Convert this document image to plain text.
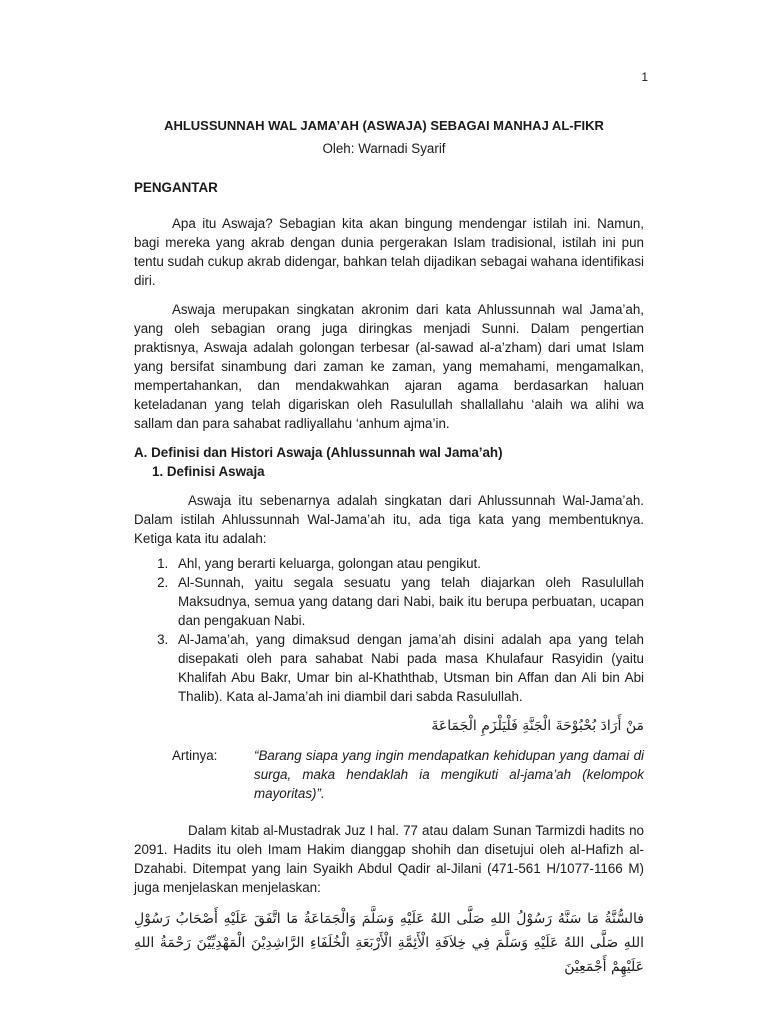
1
AHLUSSUNNAH WAL JAMA’AH (ASWAJA) SEBAGAI MANHAJ AL-FIKR
Oleh: Warnadi Syarif

PENGANTAR

Apa itu Aswaja? Sebagian kita akan bingung mendengar istilah ini. Namun, bagi mereka yang akrab dengan dunia pergerakan Islam tradisional, istilah ini pun tentu sudah cukup akrab didengar, bahkan telah dijadikan sebagai wahana identifikasi diri.

Aswaja merupakan singkatan akronim dari kata Ahlussunnah wal Jama’ah, yang oleh sebagian orang juga diringkas menjadi Sunni. Dalam pengertian praktisnya, Aswaja adalah golongan terbesar (al-sawad al-a’zham) dari umat Islam yang bersifat sinambung dari zaman ke zaman, yang memahami, mengamalkan, mempertahankan, dan mendakwahkan ajaran agama berdasarkan haluan keteladanan yang telah digariskan oleh Rasulullah shallallahu ‘alaih wa alihi wa sallam dan para sahabat radliyallahu ‘anhum ajma’in.

A. Definisi dan Histori Aswaja (Ahlussunnah wal Jama’ah)

1. Definisi Aswaja

Aswaja itu sebenarnya adalah singkatan dari Ahlussunnah Wal-Jama’ah. Dalam istilah Ahlussunnah Wal-Jama’ah itu, ada tiga kata yang membentuknya. Ketiga kata itu adalah:

1. Ahl, yang berarti keluarga, golongan atau pengikut.
2. Al-Sunnah, yaitu segala sesuatu yang telah diajarkan oleh Rasulullah Maksudnya, semua yang datang dari Nabi, baik itu berupa perbuatan, ucapan dan pengakuan Nabi.
3. Al-Jama’ah, yang dimaksud dengan jama’ah disini adalah apa yang telah disepakati oleh para sahabat Nabi pada masa Khulafaur Rasyidin (yaitu Khalifah Abu Bakr, Umar bin al-Khaththab, Utsman bin Affan dan Ali bin Abi Thalib). Kata al-Jama’ah ini diambil dari sabda Rasulullah.

مَنْ أَرَادَ بُحْبُوْحَةَ الْجَنَّةِ فَلْيَلْزَمِ الْجَمَاعَةَ

Artinya:	“Barang siapa yang ingin mendapatkan kehidupan yang damai di surga, maka hendaklah ia mengikuti al-jama’ah (kelompok mayoritas)”.

Dalam kitab al-Mustadrak Juz I hal. 77 atau dalam Sunan Tarmizdi hadits no 2091. Hadits itu oleh Imam Hakim dianggap shohih dan disetujui oleh al-Hafizh al-Dzahabi. Ditempat yang lain Syaikh Abdul Qadir al-Jilani (471-561 H/1077-1166 M) juga menjelaskan menjelaskan:

فالسُّنَّةُ مَا سَنَّهُ رَسُوْلُ اللهِ صَلَّى اللهُ عَلَيْهِ وَسَلَّمَ وَالْجَمَاعَةُ مَا اتَّفَقَ عَلَيْهِ أَصْحَابُ رَسُوْلِ اللهِ صَلَّى اللهُ عَلَيْهِ وَسَلَّمَ فِي خِلاَفَةِ الْأَئِمَّةِ الْأَرْبَعَةِ الْخُلَفَاءِ الرَّاشِدِيْنَ الْمَهْدِيِّيْنَ رَحْمَةُ اللهِ عَلَيْهِمْ أَجْمَعِيْنَ
